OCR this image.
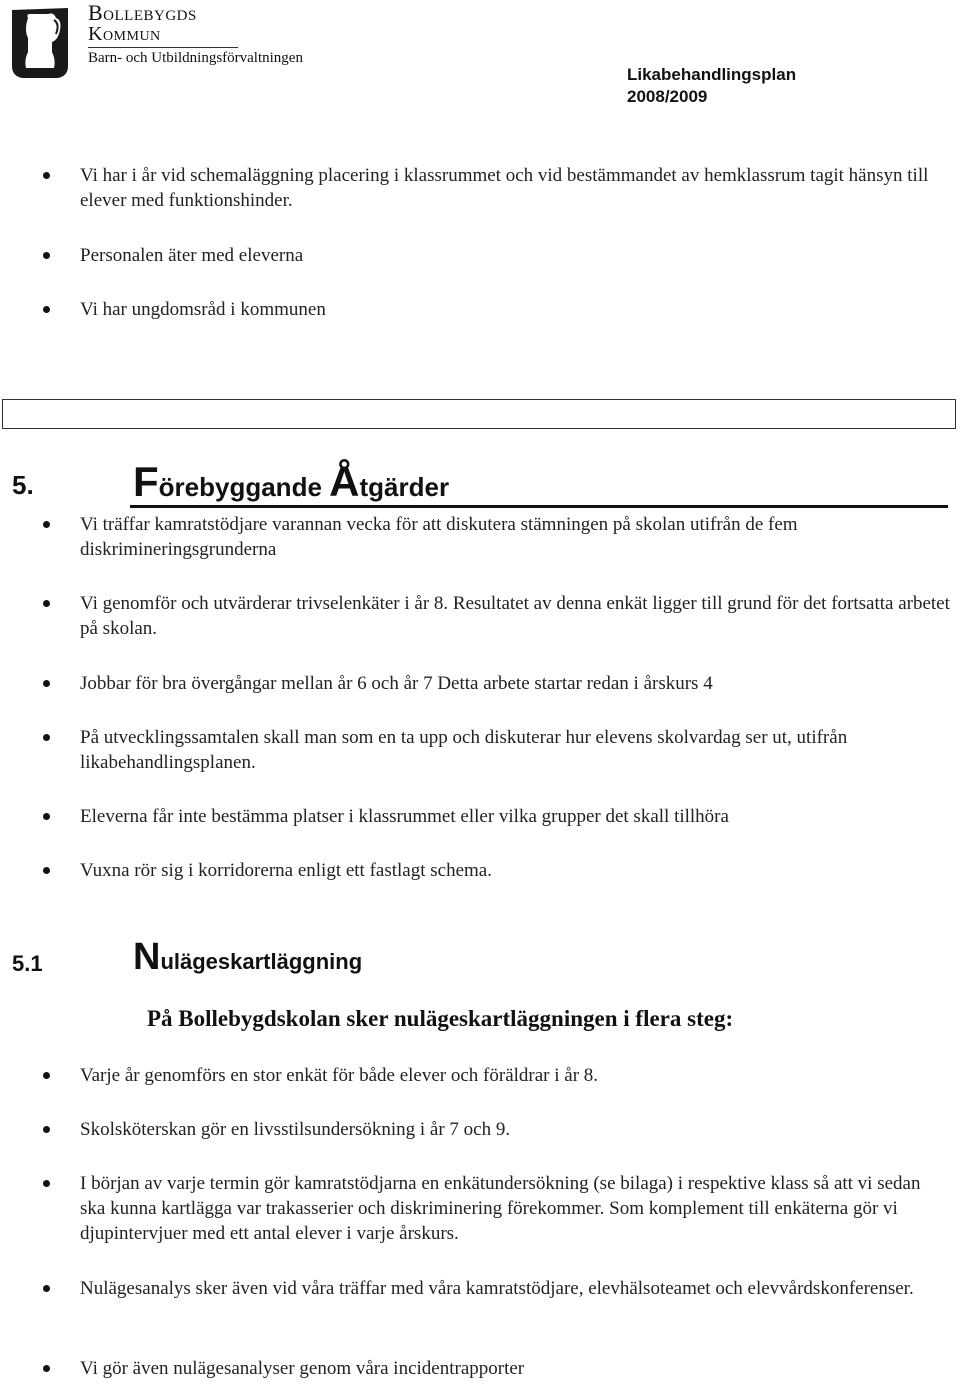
Bollebygds
Kommun
Barn- och Utbildningsförvaltningen
Likabehandlingsplan
2008/2009
Vi har i år vid schemaläggning placering i klassrummet och vid bestämmandet av hemklassrum tagit hänsyn till elever med funktionshinder.
Personalen äter med eleverna
Vi har ungdomsråd i kommunen
5. Förebyggande Åtgärder
Vi träffar kamratstödjare varannan vecka för att diskutera stämningen på skolan utifrån de fem diskrimineringsgrunderna
Vi genomför och utvärderar trivselenkäter i år 8. Resultatet av denna enkät ligger till grund för det fortsatta arbetet på skolan.
Jobbar för bra övergångar mellan år 6 och år 7 Detta arbete startar redan i årskurs 4
På utvecklingssamtalen skall man som en ta upp och diskuterar hur elevens skolvardag ser ut, utifrån likabehandlingsplanen.
Eleverna får inte bestämma platser i klassrummet eller vilka grupper det skall tillhöra
Vuxna rör sig i korridorerna enligt ett fastlagt schema.
5.1 Nulägeskartläggning
På Bollebygdskolan sker nulägeskartläggningen i flera steg:
Varje år genomförs en stor enkät för både elever och föräldrar i år 8.
Skolsköterskan gör en livsstilsundersökning i år 7 och 9.
I början av varje termin gör kamratstödjarna en enkätundersökning (se bilaga) i respektive klass så att vi sedan ska kunna kartlägga var trakasserier och diskriminering förekommer. Som komplement till enkäterna gör vi djupintervjuer med ett antal elever i varje årskurs.
Nulägesanalys sker även vid våra träffar med våra kamratstödjare, elevhälsoteamet och elevvårdskonferenser.
Vi gör även nulägesanalyser genom våra incidentrapporter
